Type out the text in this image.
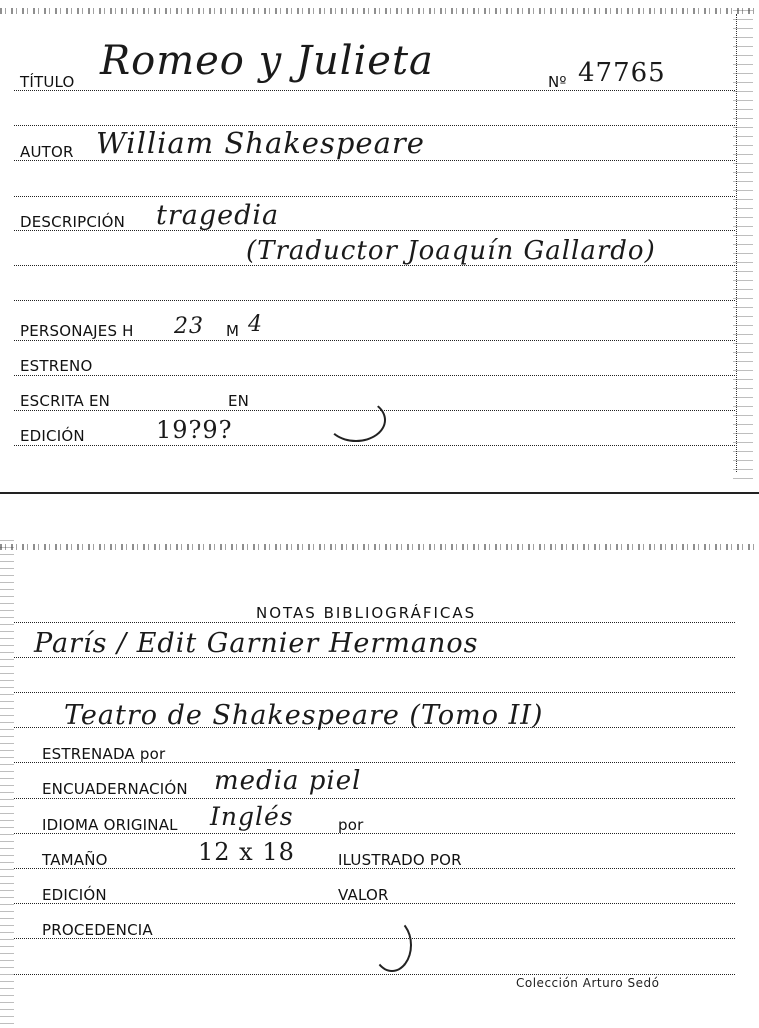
TÍTULO Romeo y Julieta	Nº 47765
AUTOR William Shakespeare
DESCRIPCIÓN tragedia
(Traductor Joaquín Gallardo)
PERSONAJES H 23 M 4
ESTRENO
ESCRITA EN	EN
EDICIÓN	19?9?
NOTAS BIBLIOGRÁFICAS
París / Edit Garnier Hermanos
Teatro de Shakespeare (Tomo II)
ESTRENADA por
ENCUADERNACIÓN media piel
IDIOMA ORIGINAL Inglés	por
TAMAÑO	12 x 18	ILUSTRADO POR
EDICIÓN	VALOR
PROCEDENCIA
Colección Arturo Sedó
